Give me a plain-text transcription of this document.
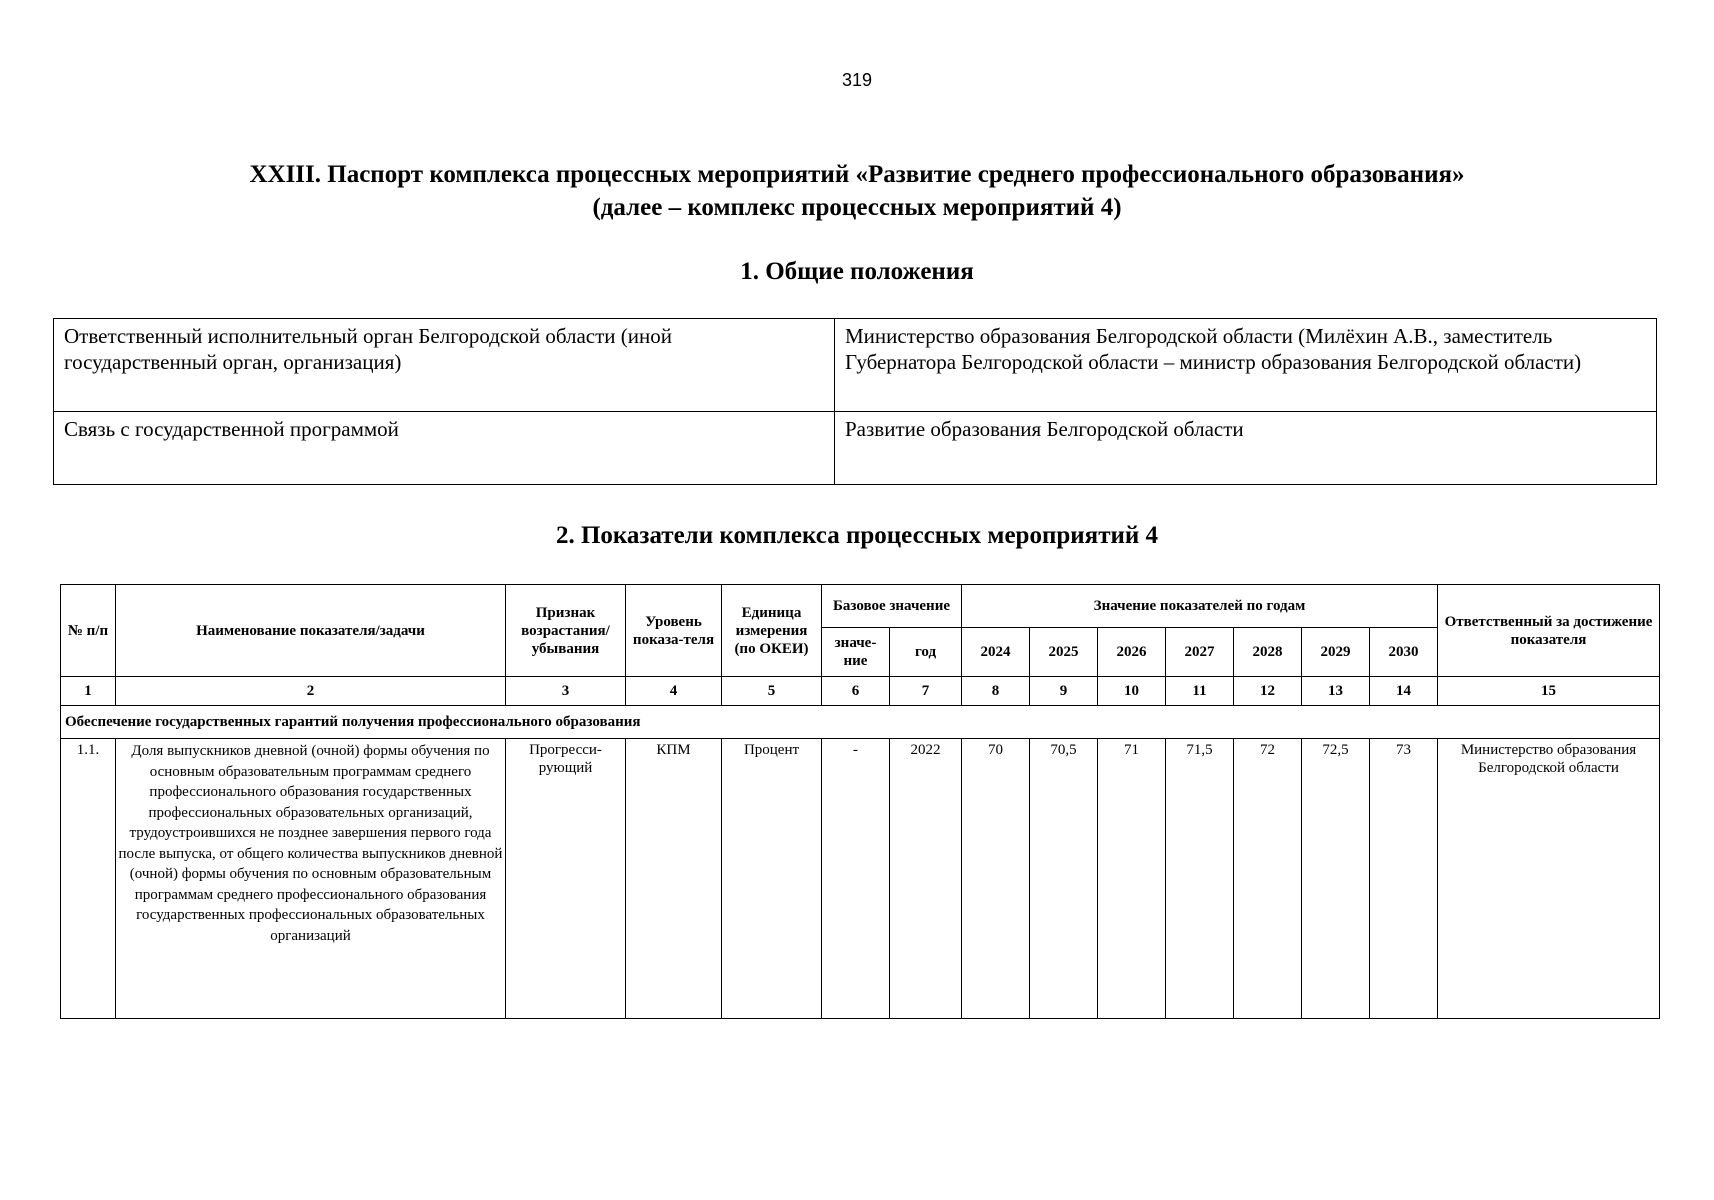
319
XXIII. Паспорт комплекса процессных мероприятий «Развитие среднего профессионального образования»
(далее – комплекс процессных мероприятий 4)
1. Общие положения
Ответственный исполнительный орган Белгородской области (иной государственный орган, организация)	Министерство образования Белгородской области (Милёхин А.В., заместитель Губернатора Белгородской области – министр образования Белгородской области)
Связь с государственной программой	Развитие образования Белгородской области
2. Показатели комплекса процессных мероприятий 4
№ п/п	Наименование показателя/задачи	Признак возрастания/ убывания	Уровень показа-теля	Единица измерения (по ОКЕИ)	Базовое значение		Значение показателей по годам							Ответственный за достижение показателя
					значе-ние	год	2024	2025	2026	2027	2028	2029	2030	
1	2	3	4	5	6	7	8	9	10	11	12	13	14	15
Обеспечение государственных гарантий получения профессионального образования														
1.1.	Доля выпускников дневной (очной) формы обучения по основным образовательным программам среднего профессионального образования государственных профессиональных образовательных организаций, трудоустроившихся не позднее завершения первого года после выпуска, от общего количества выпускников дневной (очной) формы обучения по основным образовательным программам среднего профессионального образования государственных профессиональных образовательных организаций	Прогресси-рующий	КПМ	Процент	-	2022	70	70,5	71	71,5	72	72,5	73	Министерство образования Белгородской области
